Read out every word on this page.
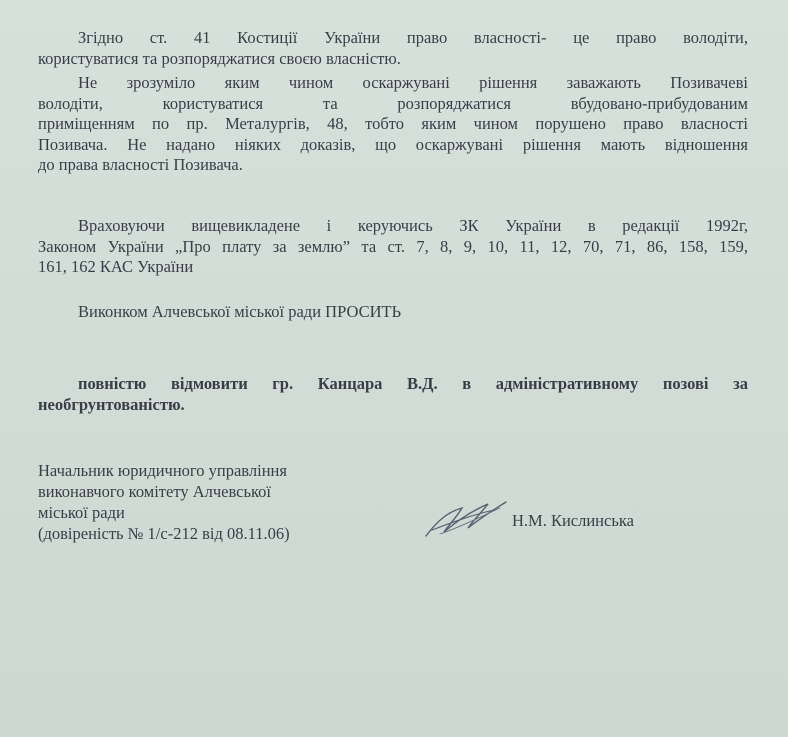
Згідно ст. 41 Костиції України право власності- це право володіти,
користуватися та розпоряджатися своєю власністю.
Не зрозуміло яким чином оскаржувані рішення заважають Позивачеві
володіти, користуватися та розпоряджатися вбудовано-прибудованим
приміщенням по пр. Металургів, 48, тобто яким чином порушено право власності
Позивача. Не надано ніяких доказів, що оскаржувані рішення мають відношення
до права власності Позивача.
Враховуючи вищевикладене і керуючись ЗК України в редакції 1992г,
Законом України „Про плату за землю” та ст. 7, 8, 9, 10, 11, 12, 70, 71, 86, 158, 159,
161, 162 КАС України
Виконком Алчевської міської ради ПРОСИТЬ
повністю відмовити гр. Канцара В.Д. в адміністративному позові за
необгрунтованістю.
Начальник юридичного управління
виконавчого комітету Алчевської
міської ради
(довіреність № 1/с-212 від 08.11.06)
Н.М. Кислинська
